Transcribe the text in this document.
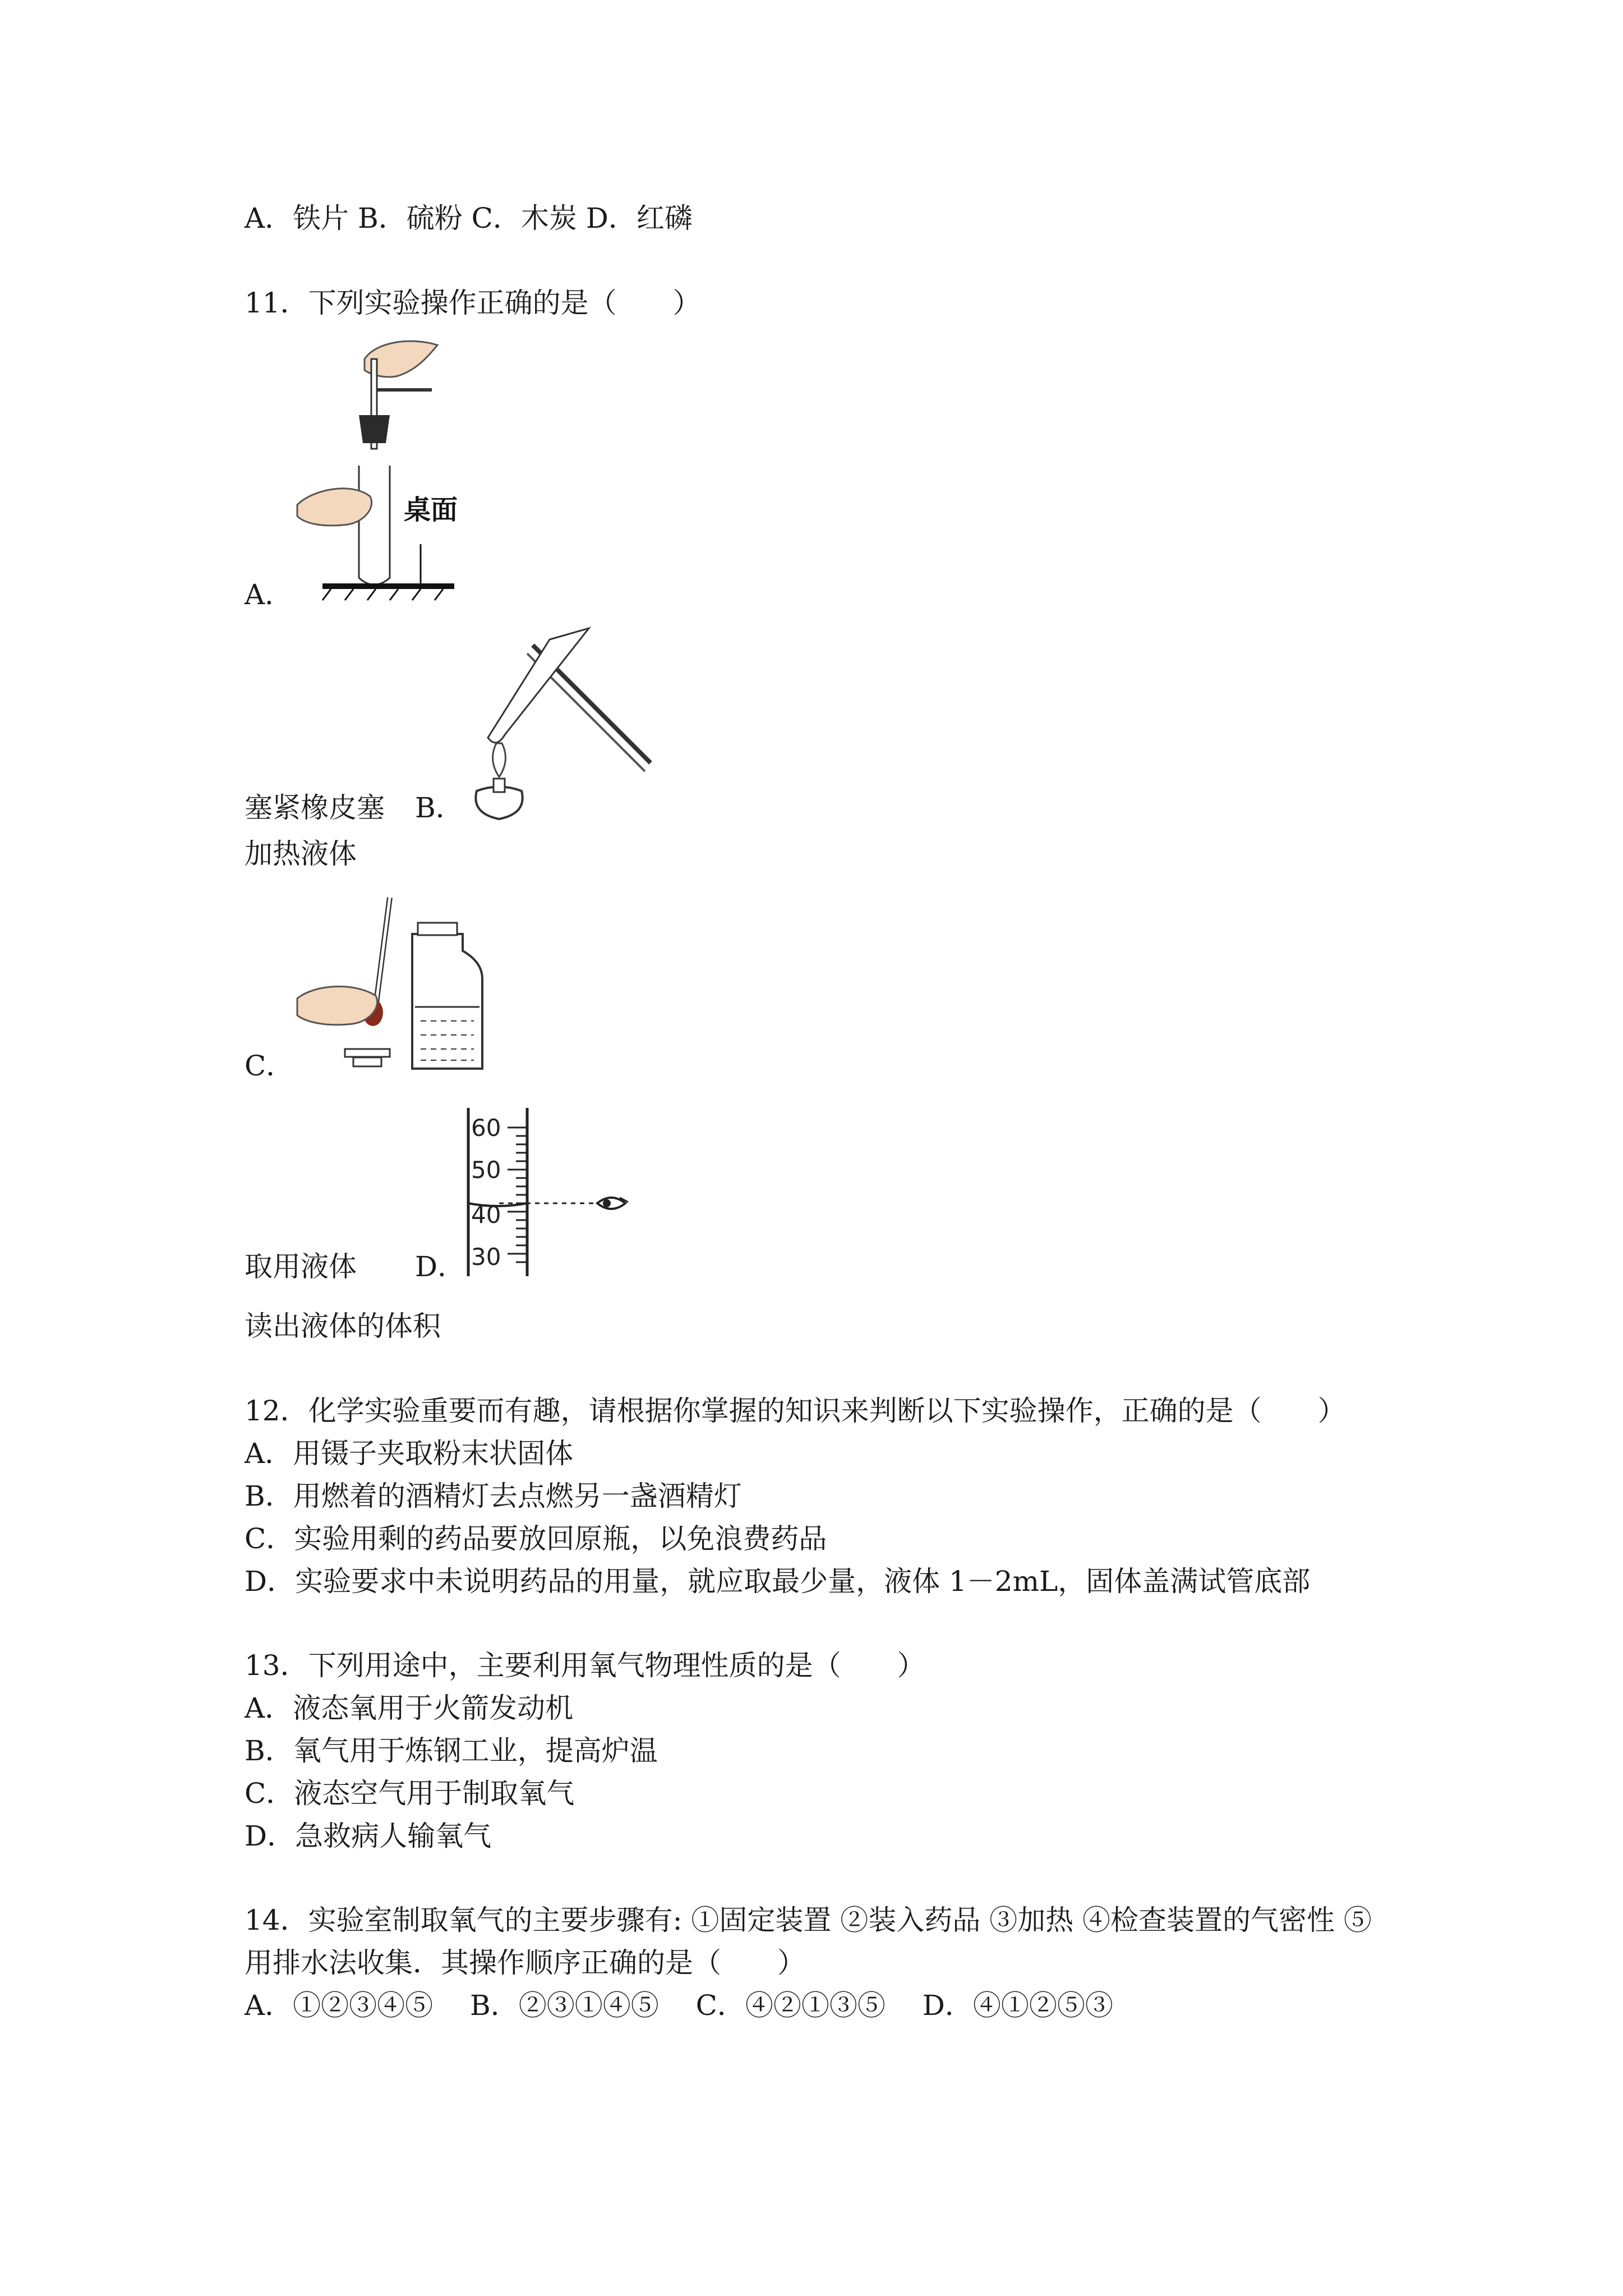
A．铁片 B．硫粉 C．木炭 D．红磷
11．下列实验操作正确的是（　　）
桌面
A．
塞紧橡皮塞 B．
加热液体
C．
60
50
40
30
取用液体 D．
读出液体的体积
12．化学实验重要而有趣，请根据你掌握的知识来判断以下实验操作，正确的是（　　）
A．用镊子夹取粉末状固体
B．用燃着的酒精灯去点燃另一盏酒精灯
C．实验用剩的药品要放回原瓶，以免浪费药品
D．实验要求中未说明药品的用量，就应取最少量，液体 1－2mL，固体盖满试管底部
13．下列用途中，主要利用氧气物理性质的是（　　）
A．液态氧用于火箭发动机
B．氧气用于炼钢工业，提高炉温
C．液态空气用于制取氧气
D．急救病人输氧气
14．实验室制取氧气的主要步骤有: ①固定装置 ②装入药品 ③加热 ④检查装置的气密性 ⑤
用排水法收集．其操作顺序正确的是（　　）
A．①②③④⑤　 B．②③①④⑤　 C．④②①③⑤　 D．④①②⑤③
